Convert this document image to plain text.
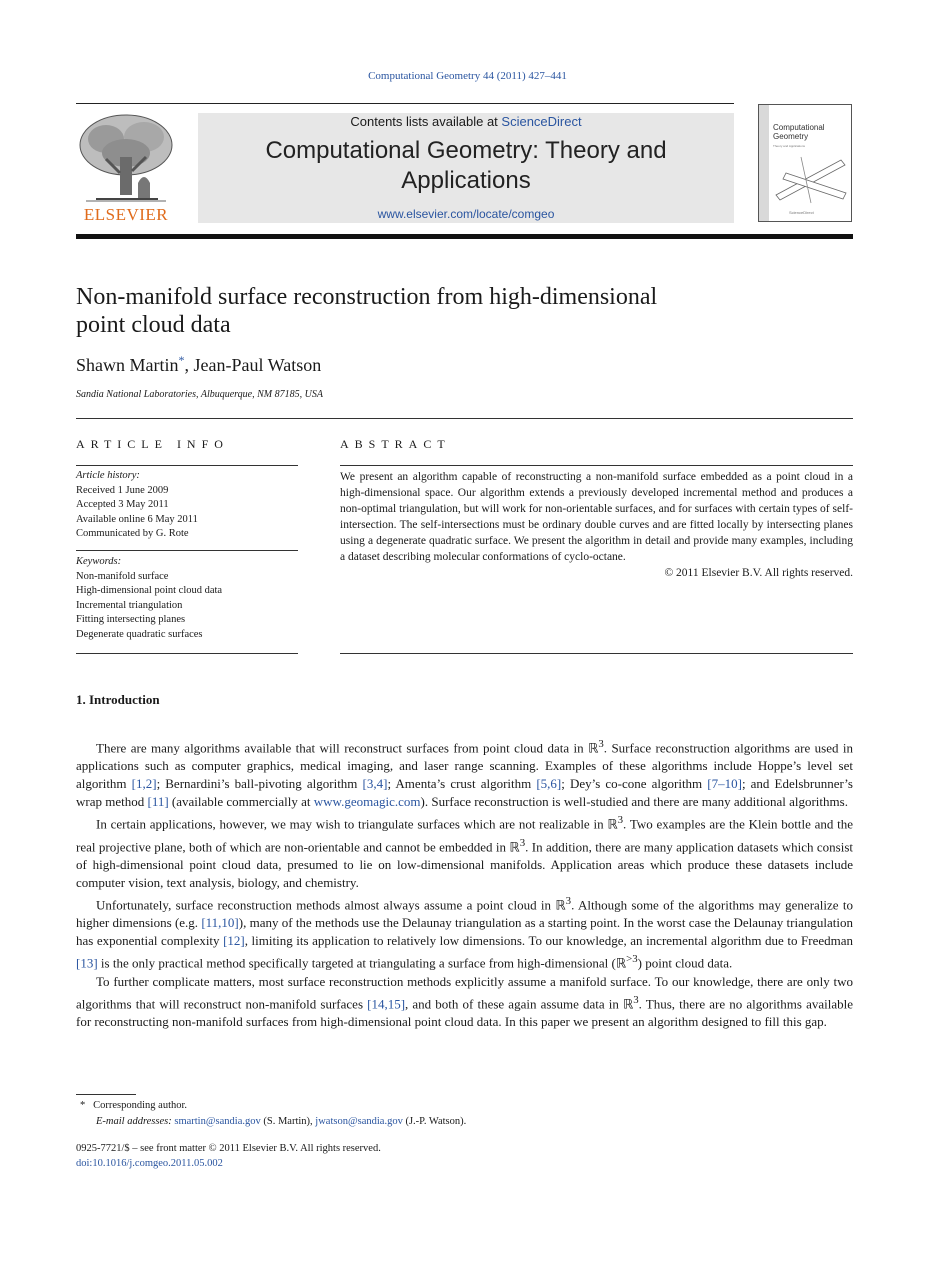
Computational Geometry 44 (2011) 427–441
ELSEVIER
Contents lists available at ScienceDirect
Computational Geometry: Theory and
Applications
www.elsevier.com/locate/comgeo
Computational
Geometry
Theory and Applications
ScienceDirect
Non-manifold surface reconstruction from high-dimensional
point cloud data
Shawn Martin*, Jean-Paul Watson
Sandia National Laboratories, Albuquerque, NM 87185, USA
ARTICLE INFO	ABSTRACT
Article history:
Received 1 June 2009
Accepted 3 May 2011
Available online 6 May 2011
Communicated by G. Rote
Keywords:
Non-manifold surface
High-dimensional point cloud data
Incremental triangulation
Fitting intersecting planes
Degenerate quadratic surfaces
We present an algorithm capable of reconstructing a non-manifold surface embedded as a point cloud in a high-dimensional space. Our algorithm extends a previously developed incremental method and produces a non-optimal triangulation, but will work for non-orientable surfaces, and for surfaces with certain types of self-intersection. The self-intersections must be ordinary double curves and are fitted locally by intersecting planes using a degenerate quadratic surface. We present the algorithm in detail and provide many examples, including a dataset describing molecular conformations of cyclo-octane.
© 2011 Elsevier B.V. All rights reserved.
1. Introduction

There are many algorithms available that will reconstruct surfaces from point cloud data in ℝ$^3$. Surface reconstruction algorithms are used in applications such as computer graphics, medical imaging, and laser range scanning. Examples of these algorithms include Hoppe’s level set algorithm [1,2]; Bernardini’s ball-pivoting algorithm [3,4]; Amenta’s crust algorithm [5,6]; Dey’s co-cone algorithm [7–10]; and Edelsbrunner’s wrap method [11] (available commercially at www.geomagic.com). Surface reconstruction is well-studied and there are many additional algorithms.

In certain applications, however, we may wish to triangulate surfaces which are not realizable in ℝ$^3$. Two examples are the Klein bottle and the real projective plane, both of which are non-orientable and cannot be embedded in ℝ$^3$. In addition, there are many application datasets which consist of high-dimensional point cloud data, presumed to lie on low-dimensional manifolds. Application areas which produce these datasets include computer vision, text analysis, biology, and chemistry.

Unfortunately, surface reconstruction methods almost always assume a point cloud in ℝ$^3$. Although some of the algorithms may generalize to higher dimensions (e.g. [11,10]), many of the methods use the Delaunay triangulation as a starting point. In the worst case the Delaunay triangulation has exponential complexity [12], limiting its application to relatively low dimensions. To our knowledge, an incremental algorithm due to Freedman [13] is the only practical method specifically targeted at triangulating a surface from high-dimensional (ℝ$^{>3}$) point cloud data.

To further complicate matters, most surface reconstruction methods explicitly assume a manifold surface. To our knowledge, there are only two algorithms that will reconstruct non-manifold surfaces [14,15], and both of these again assume data in ℝ$^3$. Thus, there are no algorithms available for reconstructing non-manifold surfaces from high-dimensional point cloud data. In this paper we present an algorithm designed to fill this gap.

* Corresponding author.
E-mail addresses: smartin@sandia.gov (S. Martin), jwatson@sandia.gov (J.-P. Watson).
0925-7721/$ – see front matter © 2011 Elsevier B.V. All rights reserved.
doi:10.1016/j.comgeo.2011.05.002
